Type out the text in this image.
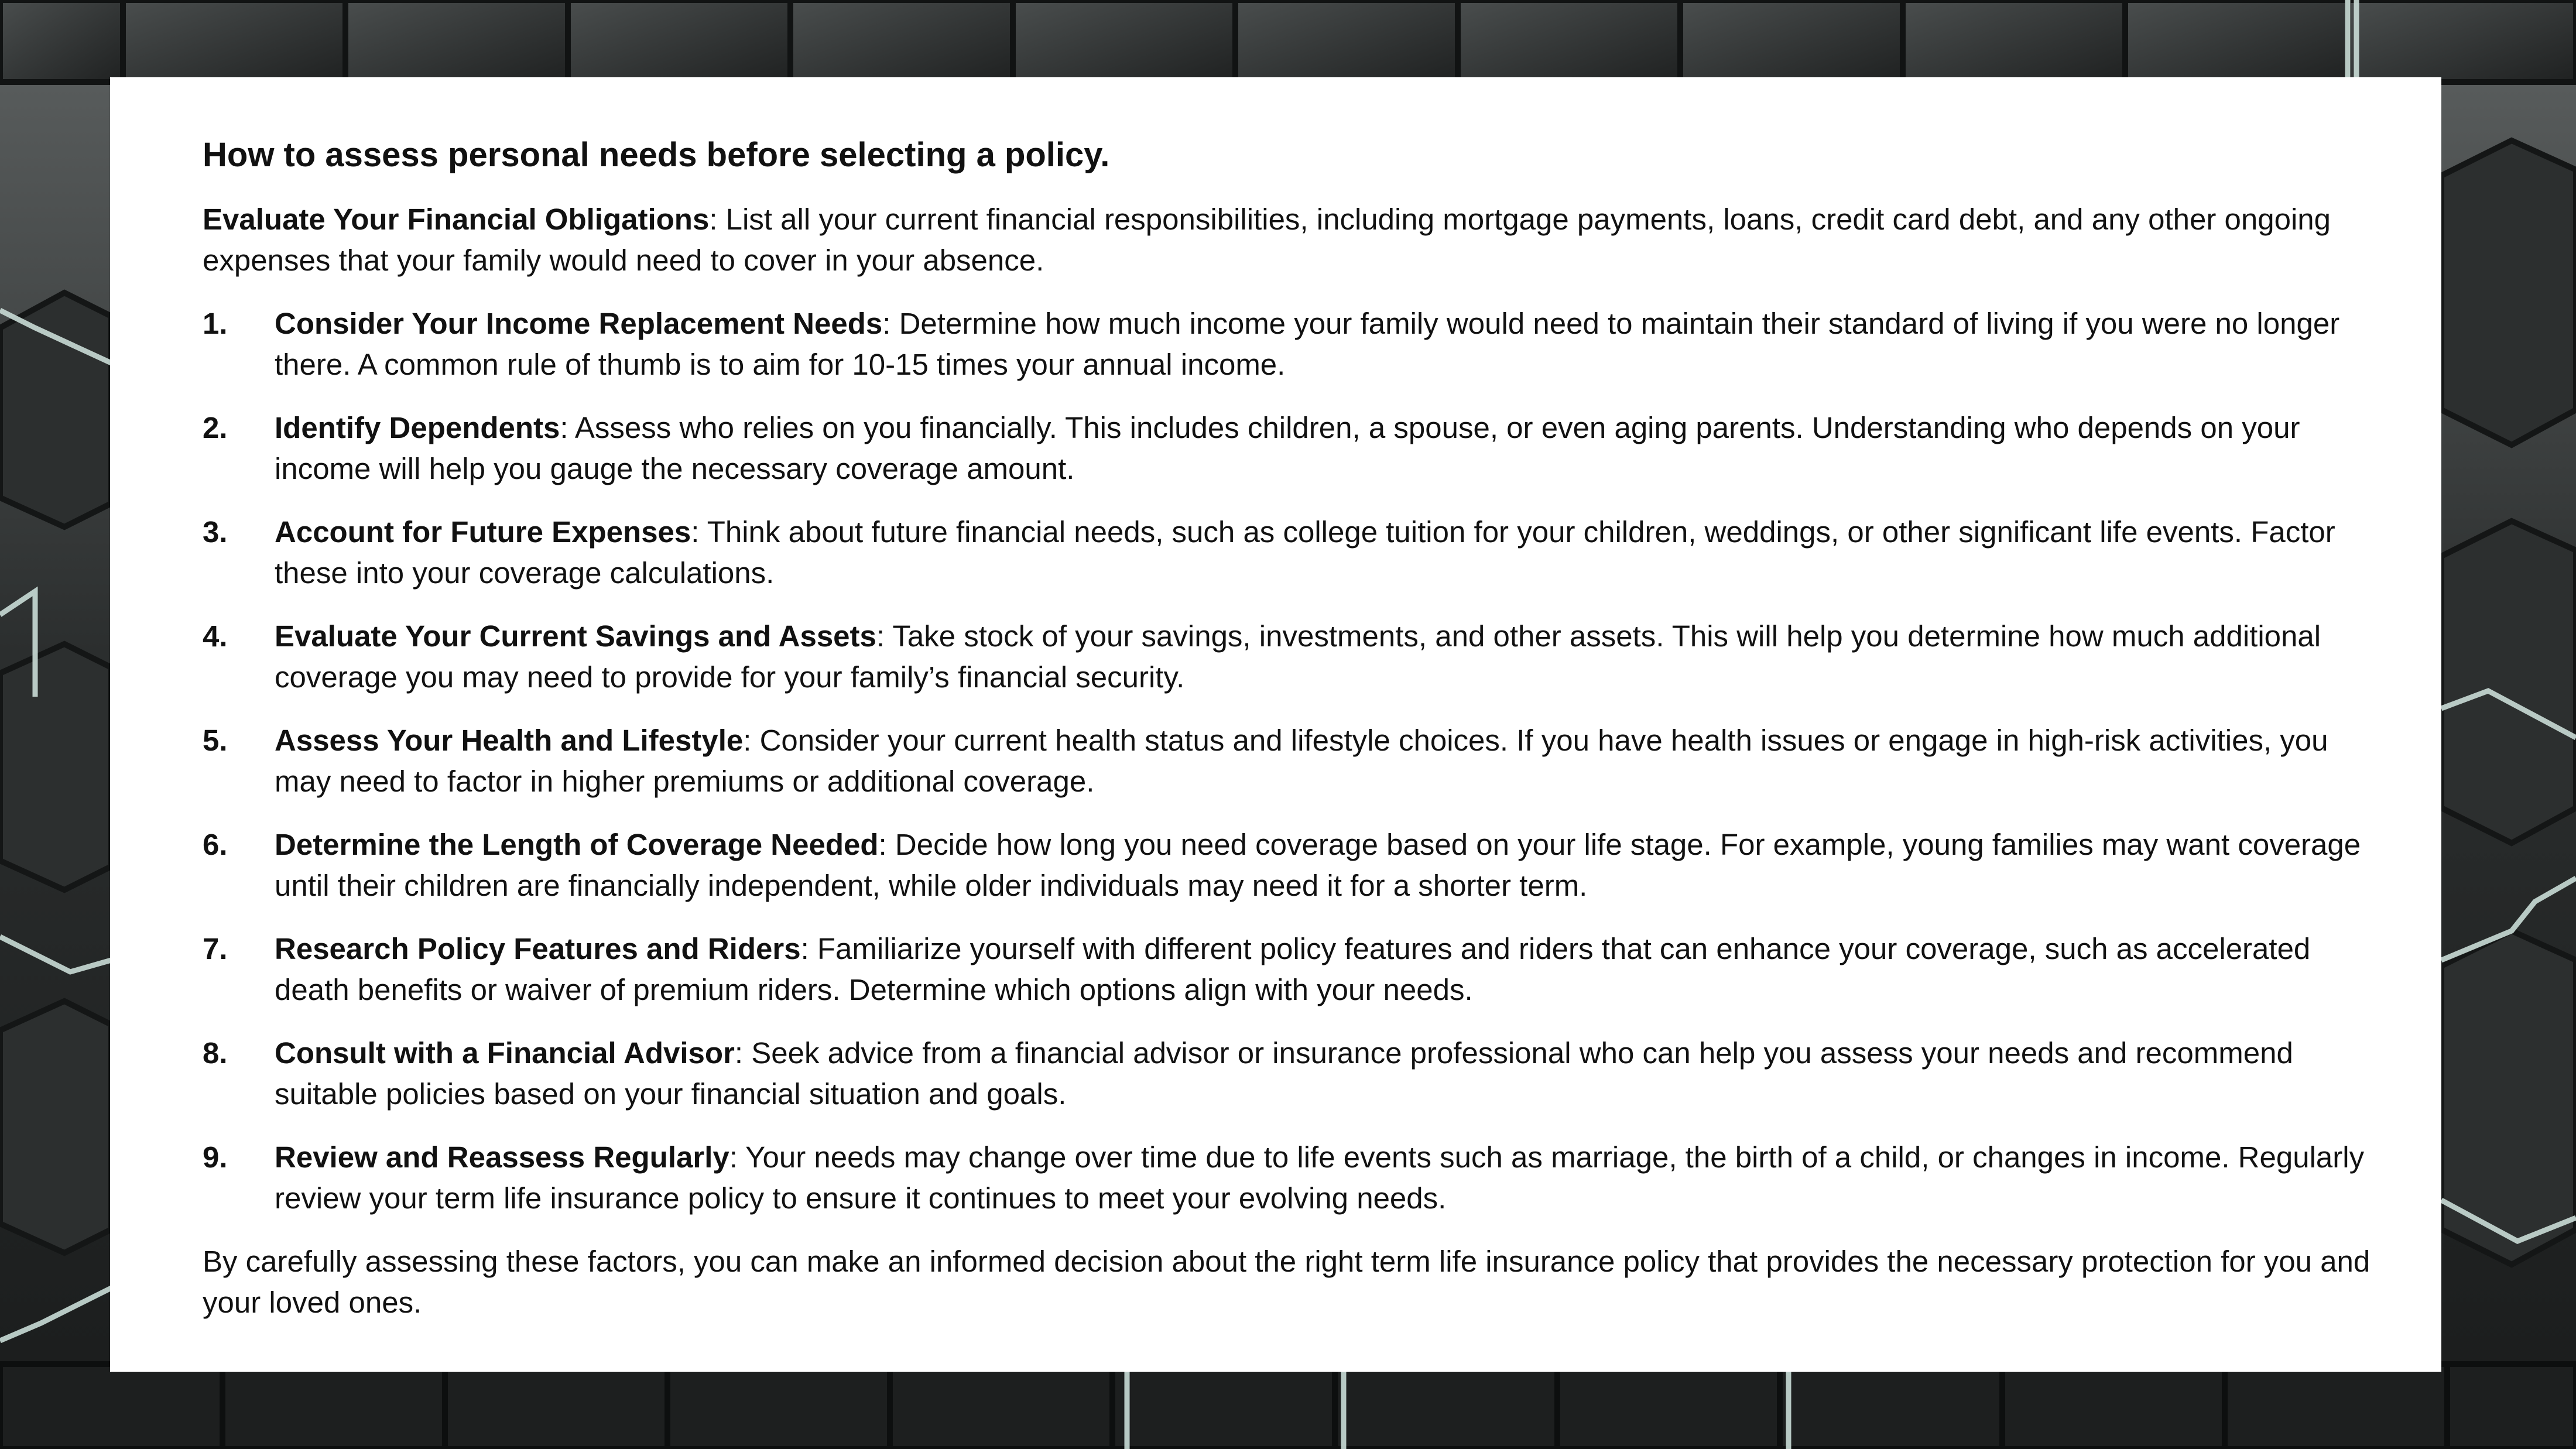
How to assess personal needs before selecting a policy.

Evaluate Your Financial Obligations: List all your current financial responsibilities, including mortgage payments, loans, credit card debt, and any other ongoing expenses that your family would need to cover in your absence.

1. Consider Your Income Replacement Needs: Determine how much income your family would need to maintain their standard of living if you were no longer there. A common rule of thumb is to aim for 10-15 times your annual income.
2. Identify Dependents: Assess who relies on you financially. This includes children, a spouse, or even aging parents. Understanding who depends on your income will help you gauge the necessary coverage amount.
3. Account for Future Expenses: Think about future financial needs, such as college tuition for your children, weddings, or other significant life events. Factor these into your coverage calculations.
4. Evaluate Your Current Savings and Assets: Take stock of your savings, investments, and other assets. This will help you determine how much additional coverage you may need to provide for your family’s financial security.
5. Assess Your Health and Lifestyle: Consider your current health status and lifestyle choices. If you have health issues or engage in high-risk activities, you may need to factor in higher premiums or additional coverage.
6. Determine the Length of Coverage Needed: Decide how long you need coverage based on your life stage. For example, young families may want coverage until their children are financially independent, while older individuals may need it for a shorter term.
7. Research Policy Features and Riders: Familiarize yourself with different policy features and riders that can enhance your coverage, such as accelerated death benefits or waiver of premium riders. Determine which options align with your needs.
8. Consult with a Financial Advisor: Seek advice from a financial advisor or insurance professional who can help you assess your needs and recommend suitable policies based on your financial situation and goals.
9. Review and Reassess Regularly: Your needs may change over time due to life events such as marriage, the birth of a child, or changes in income. Regularly review your term life insurance policy to ensure it continues to meet your evolving needs.

By carefully assessing these factors, you can make an informed decision about the right term life insurance policy that provides the necessary protection for you and your loved ones.
